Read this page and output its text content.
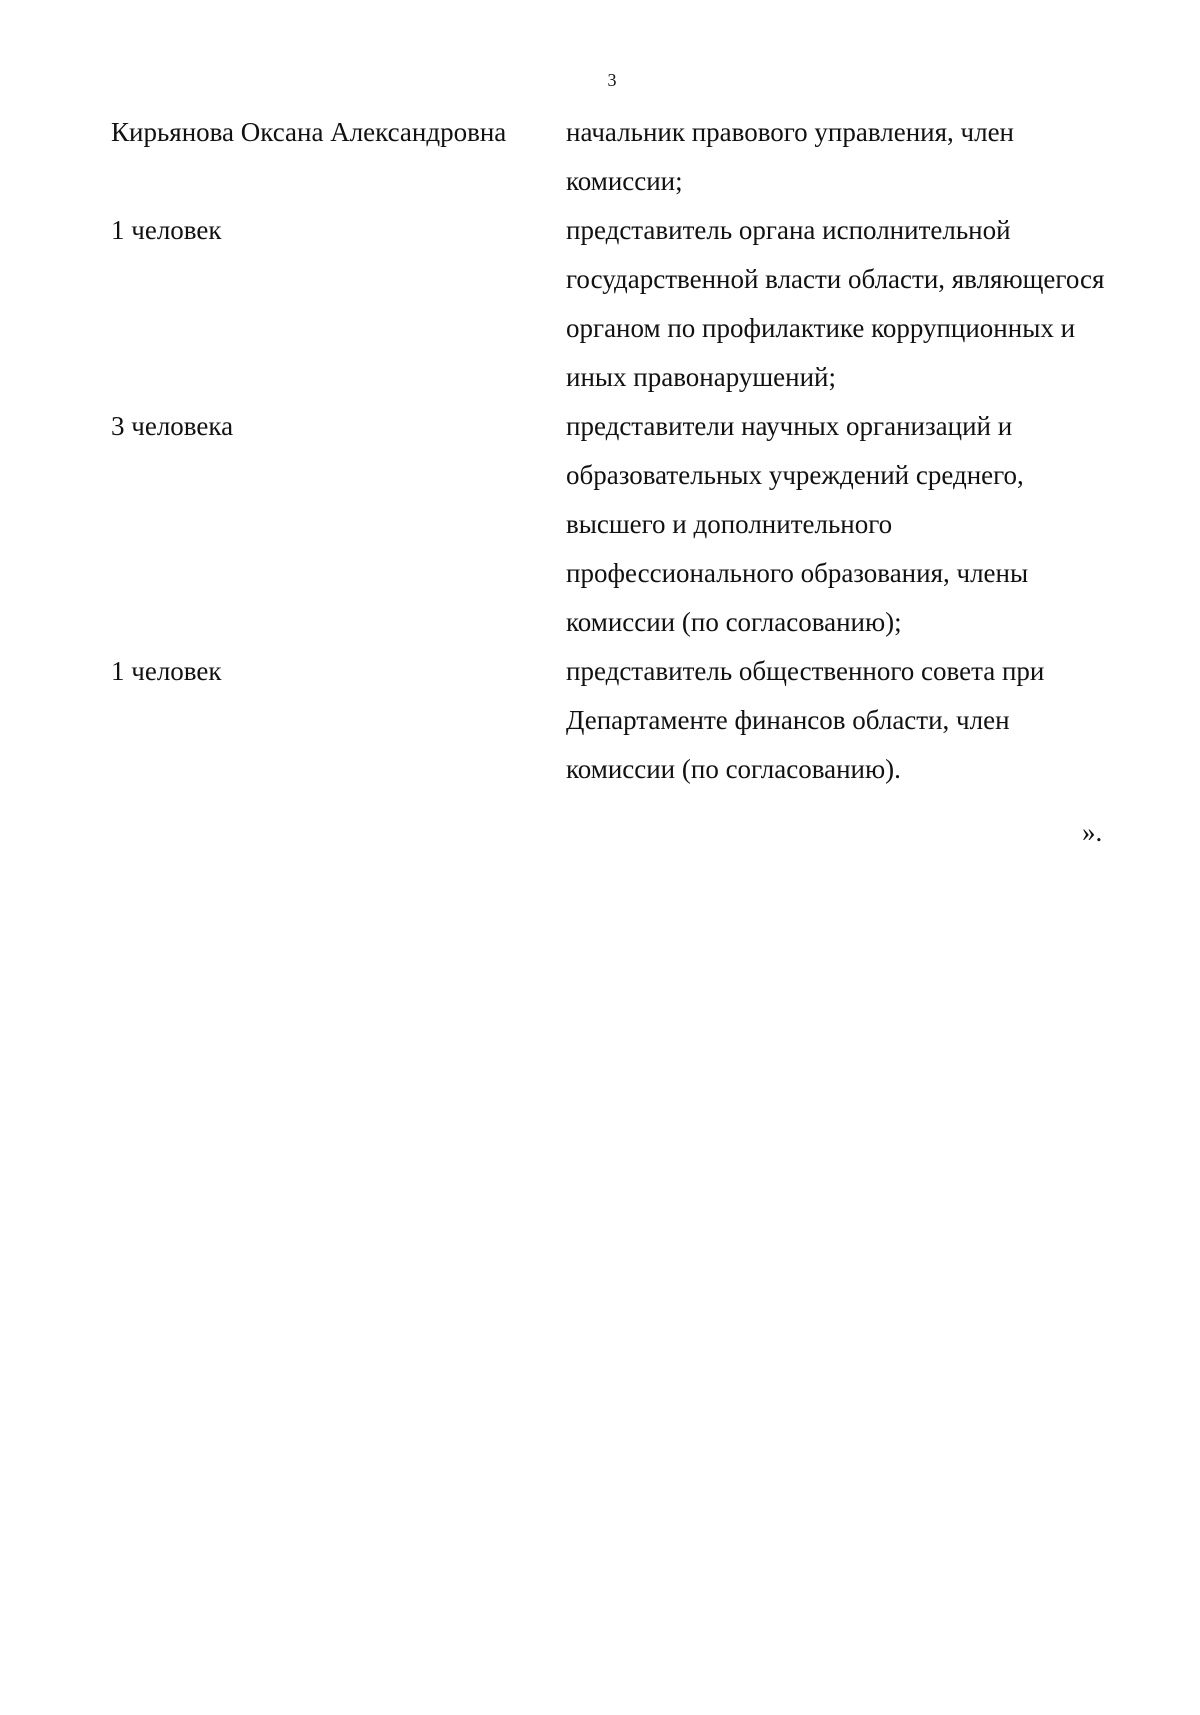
3
Кирьянова Оксана Александровна	начальник правового управления, член
комиссии;
1 человек	представитель органа исполнительной
государственной власти области, являющегося
органом по профилактике коррупционных и
иных правонарушений;
3 человека	представители научных организаций и
образовательных учреждений среднего,
высшего и дополнительного
профессионального образования, члены
комиссии (по согласованию);
1 человек	представитель общественного совета при
Департаменте финансов области, член
комиссии (по согласованию).
».
